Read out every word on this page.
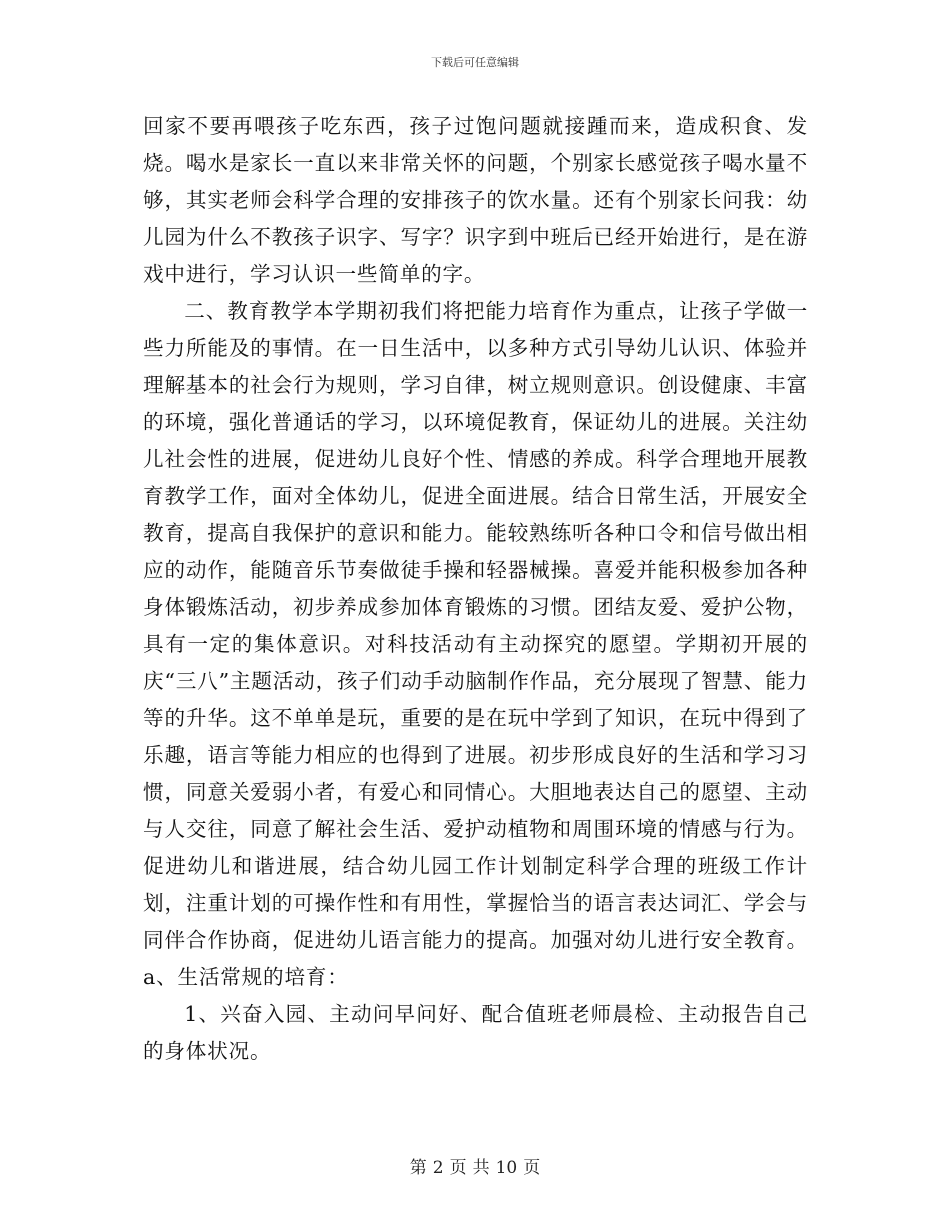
下载后可任意编辑

回家不要再喂孩子吃东西，孩子过饱问题就接踵而来，造成积食、发烧。喝水是家长一直以来非常关怀的问题，个别家长感觉孩子喝水量不够，其实老师会科学合理的安排孩子的饮水量。还有个别家长问我：幼儿园为什么不教孩子识字、写字？识字到中班后已经开始进行，是在游戏中进行，学习认识一些简单的字。

二、教育教学本学期初我们将把能力培育作为重点，让孩子学做一些力所能及的事情。在一日生活中，以多种方式引导幼儿认识、体验并理解基本的社会行为规则，学习自律，树立规则意识。创设健康、丰富的环境，强化普通话的学习，以环境促教育，保证幼儿的进展。关注幼儿社会性的进展，促进幼儿良好个性、情感的养成。科学合理地开展教育教学工作，面对全体幼儿，促进全面进展。结合日常生活，开展安全教育，提高自我保护的意识和能力。能较熟练听各种口令和信号做出相应的动作，能随音乐节奏做徒手操和轻器械操。喜爱并能积极参加各种身体锻炼活动，初步养成参加体育锻炼的习惯。团结友爱、爱护公物，具有一定的集体意识。对科技活动有主动探究的愿望。学期初开展的庆“三八”主题活动，孩子们动手动脑制作作品，充分展现了智慧、能力等的升华。这不单单是玩，重要的是在玩中学到了知识，在玩中得到了乐趣，语言等能力相应的也得到了进展。初步形成良好的生活和学习习惯，同意关爱弱小者，有爱心和同情心。大胆地表达自己的愿望、主动与人交往，同意了解社会生活、爱护动植物和周围环境的情感与行为。促进幼儿和谐进展，结合幼儿园工作计划制定科学合理的班级工作计划，注重计划的可操作性和有用性，掌握恰当的语言表达词汇、学会与同伴合作协商，促进幼儿语言能力的提高。加强对幼儿进行安全教育。a、生活常规的培育：

1、兴奋入园、主动问早问好、配合值班老师晨检、主动报告自己的身体状况。

第 2 页 共 10 页
